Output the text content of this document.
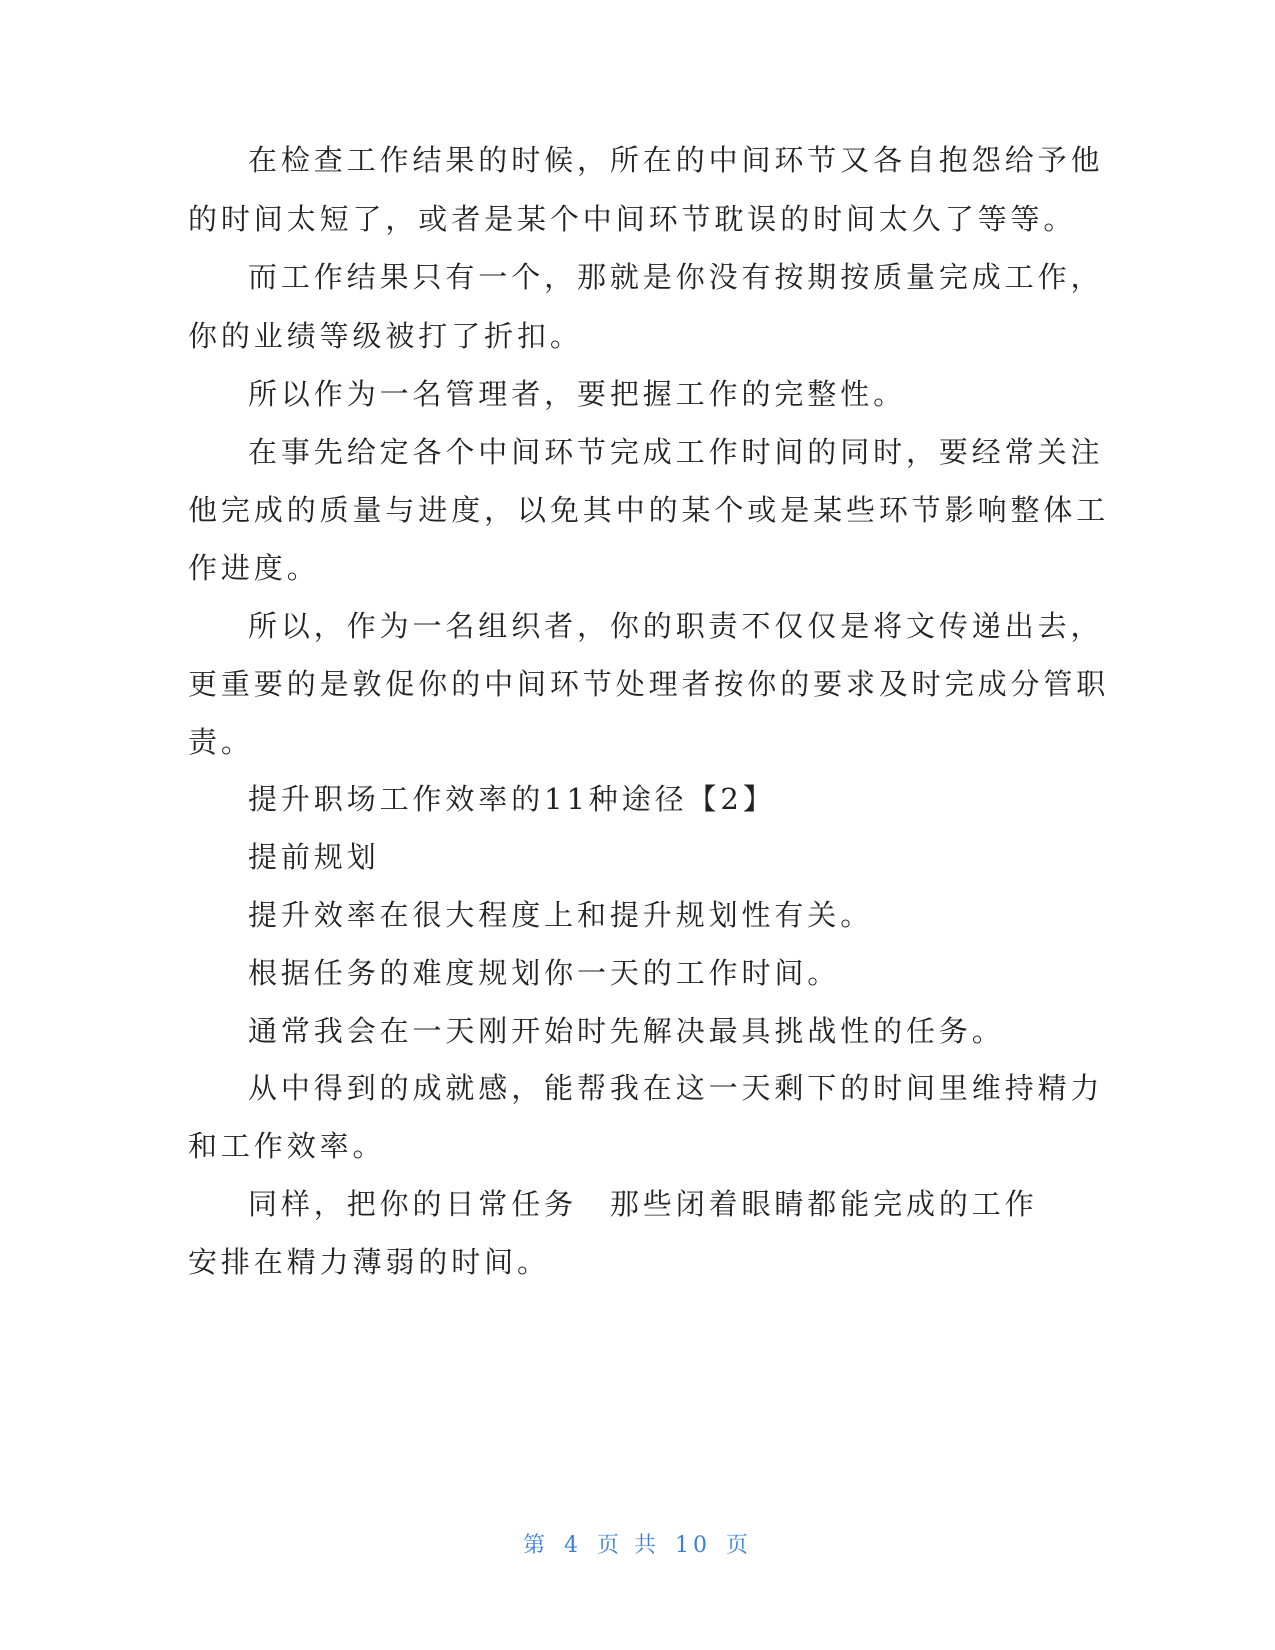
在检查工作结果的时候，所在的中间环节又各自抱怨给予他
的时间太短了，或者是某个中间环节耽误的时间太久了等等。
而工作结果只有一个，那就是你没有按期按质量完成工作，
你的业绩等级被打了折扣。
所以作为一名管理者，要把握工作的完整性。
在事先给定各个中间环节完成工作时间的同时，要经常关注
他完成的质量与进度，以免其中的某个或是某些环节影响整体工
作进度。
所以，作为一名组织者，你的职责不仅仅是将文传递出去，
更重要的是敦促你的中间环节处理者按你的要求及时完成分管职
责。
提升职场工作效率的11种途径【2】
提前规划
提升效率在很大程度上和提升规划性有关。
根据任务的难度规划你一天的工作时间。
通常我会在一天刚开始时先解决最具挑战性的任务。
从中得到的成就感，能帮我在这一天剩下的时间里维持精力
和工作效率。
同样，把你的日常任务　那些闭着眼睛都能完成的工作
安排在精力薄弱的时间。
第 4 页 共 10 页
